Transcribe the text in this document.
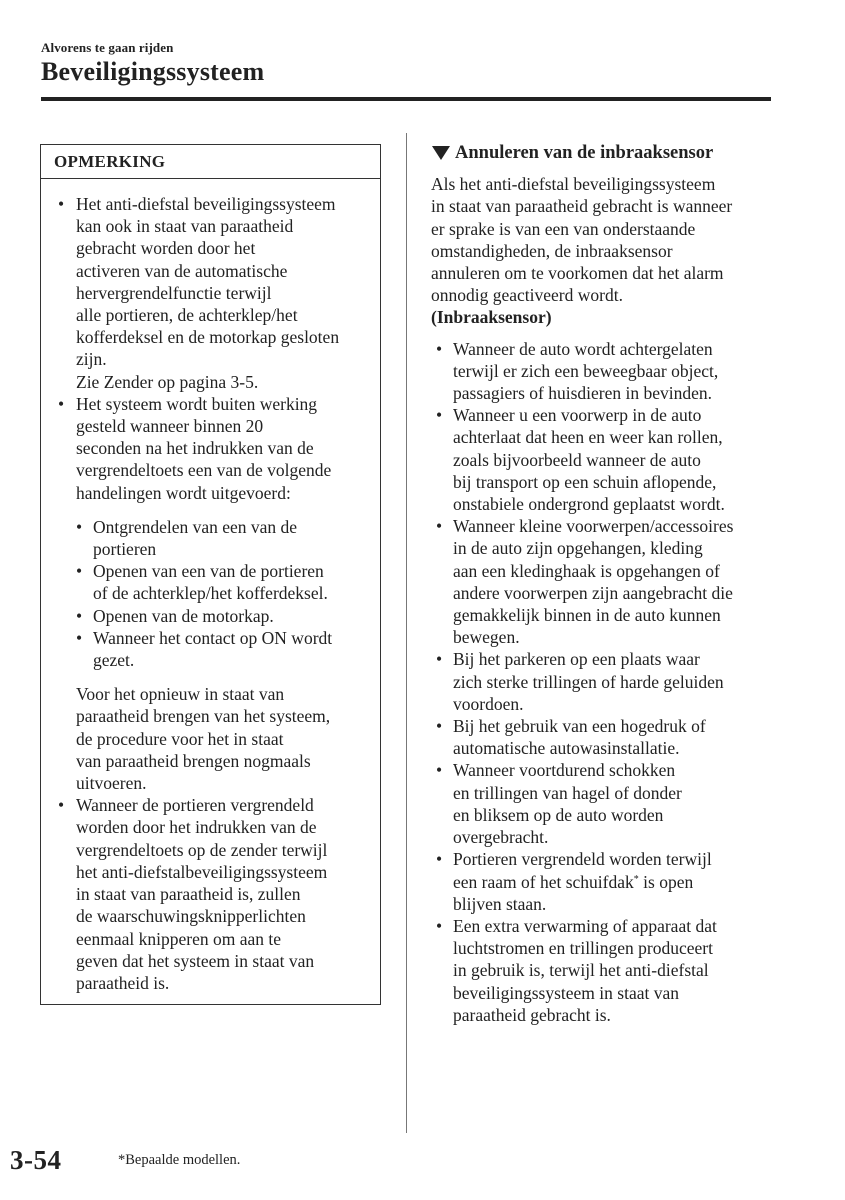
Alvorens te gaan rijden
Beveiligingssysteem
OPMERKING
• Het anti-diefstal beveiligingssysteem
kan ook in staat van paraatheid
gebracht worden door het
activeren van de automatische
hervergrendelfunctie terwijl
alle portieren, de achterklep/het
kofferdeksel en de motorkap gesloten
zijn.
Zie Zender op pagina 3-5.
• Het systeem wordt buiten werking
gesteld wanneer binnen 20
seconden na het indrukken van de
vergrendeltoets een van de volgende
handelingen wordt uitgevoerd:
• Ontgrendelen van een van de
portieren
• Openen van een van de portieren
of de achterklep/het kofferdeksel.
• Openen van de motorkap.
• Wanneer het contact op ON wordt
gezet.
Voor het opnieuw in staat van
paraatheid brengen van het systeem,
de procedure voor het in staat
van paraatheid brengen nogmaals
uitvoeren.
• Wanneer de portieren vergrendeld
worden door het indrukken van de
vergrendeltoets op de zender terwijl
het anti-diefstalbeveiligingssysteem
in staat van paraatheid is, zullen
de waarschuwingsknipperlichten
eenmaal knipperen om aan te
geven dat het systeem in staat van
paraatheid is.
Annuleren van de inbraaksensor
Als het anti-diefstal beveiligingssysteem
in staat van paraatheid gebracht is wanneer
er sprake is van een van onderstaande
omstandigheden, de inbraaksensor
annuleren om te voorkomen dat het alarm
onnodig geactiveerd wordt.
(Inbraaksensor)
• Wanneer de auto wordt achtergelaten
terwijl er zich een beweegbaar object,
passagiers of huisdieren in bevinden.
• Wanneer u een voorwerp in de auto
achterlaat dat heen en weer kan rollen,
zoals bijvoorbeeld wanneer de auto
bij transport op een schuin aflopende,
onstabiele ondergrond geplaatst wordt.
• Wanneer kleine voorwerpen/accessoires
in de auto zijn opgehangen, kleding
aan een kledinghaak is opgehangen of
andere voorwerpen zijn aangebracht die
gemakkelijk binnen in de auto kunnen
bewegen.
• Bij het parkeren op een plaats waar
zich sterke trillingen of harde geluiden
voordoen.
• Bij het gebruik van een hogedruk of
automatische autowasinstallatie.
• Wanneer voortdurend schokken
en trillingen van hagel of donder
en bliksem op de auto worden
overgebracht.
• Portieren vergrendeld worden terwijl
een raam of het schuifdak* is open
blijven staan.
• Een extra verwarming of apparaat dat
luchtstromen en trillingen produceert
in gebruik is, terwijl het anti-diefstal
beveiligingssysteem in staat van
paraatheid gebracht is.
3-54	*Bepaalde modellen.
